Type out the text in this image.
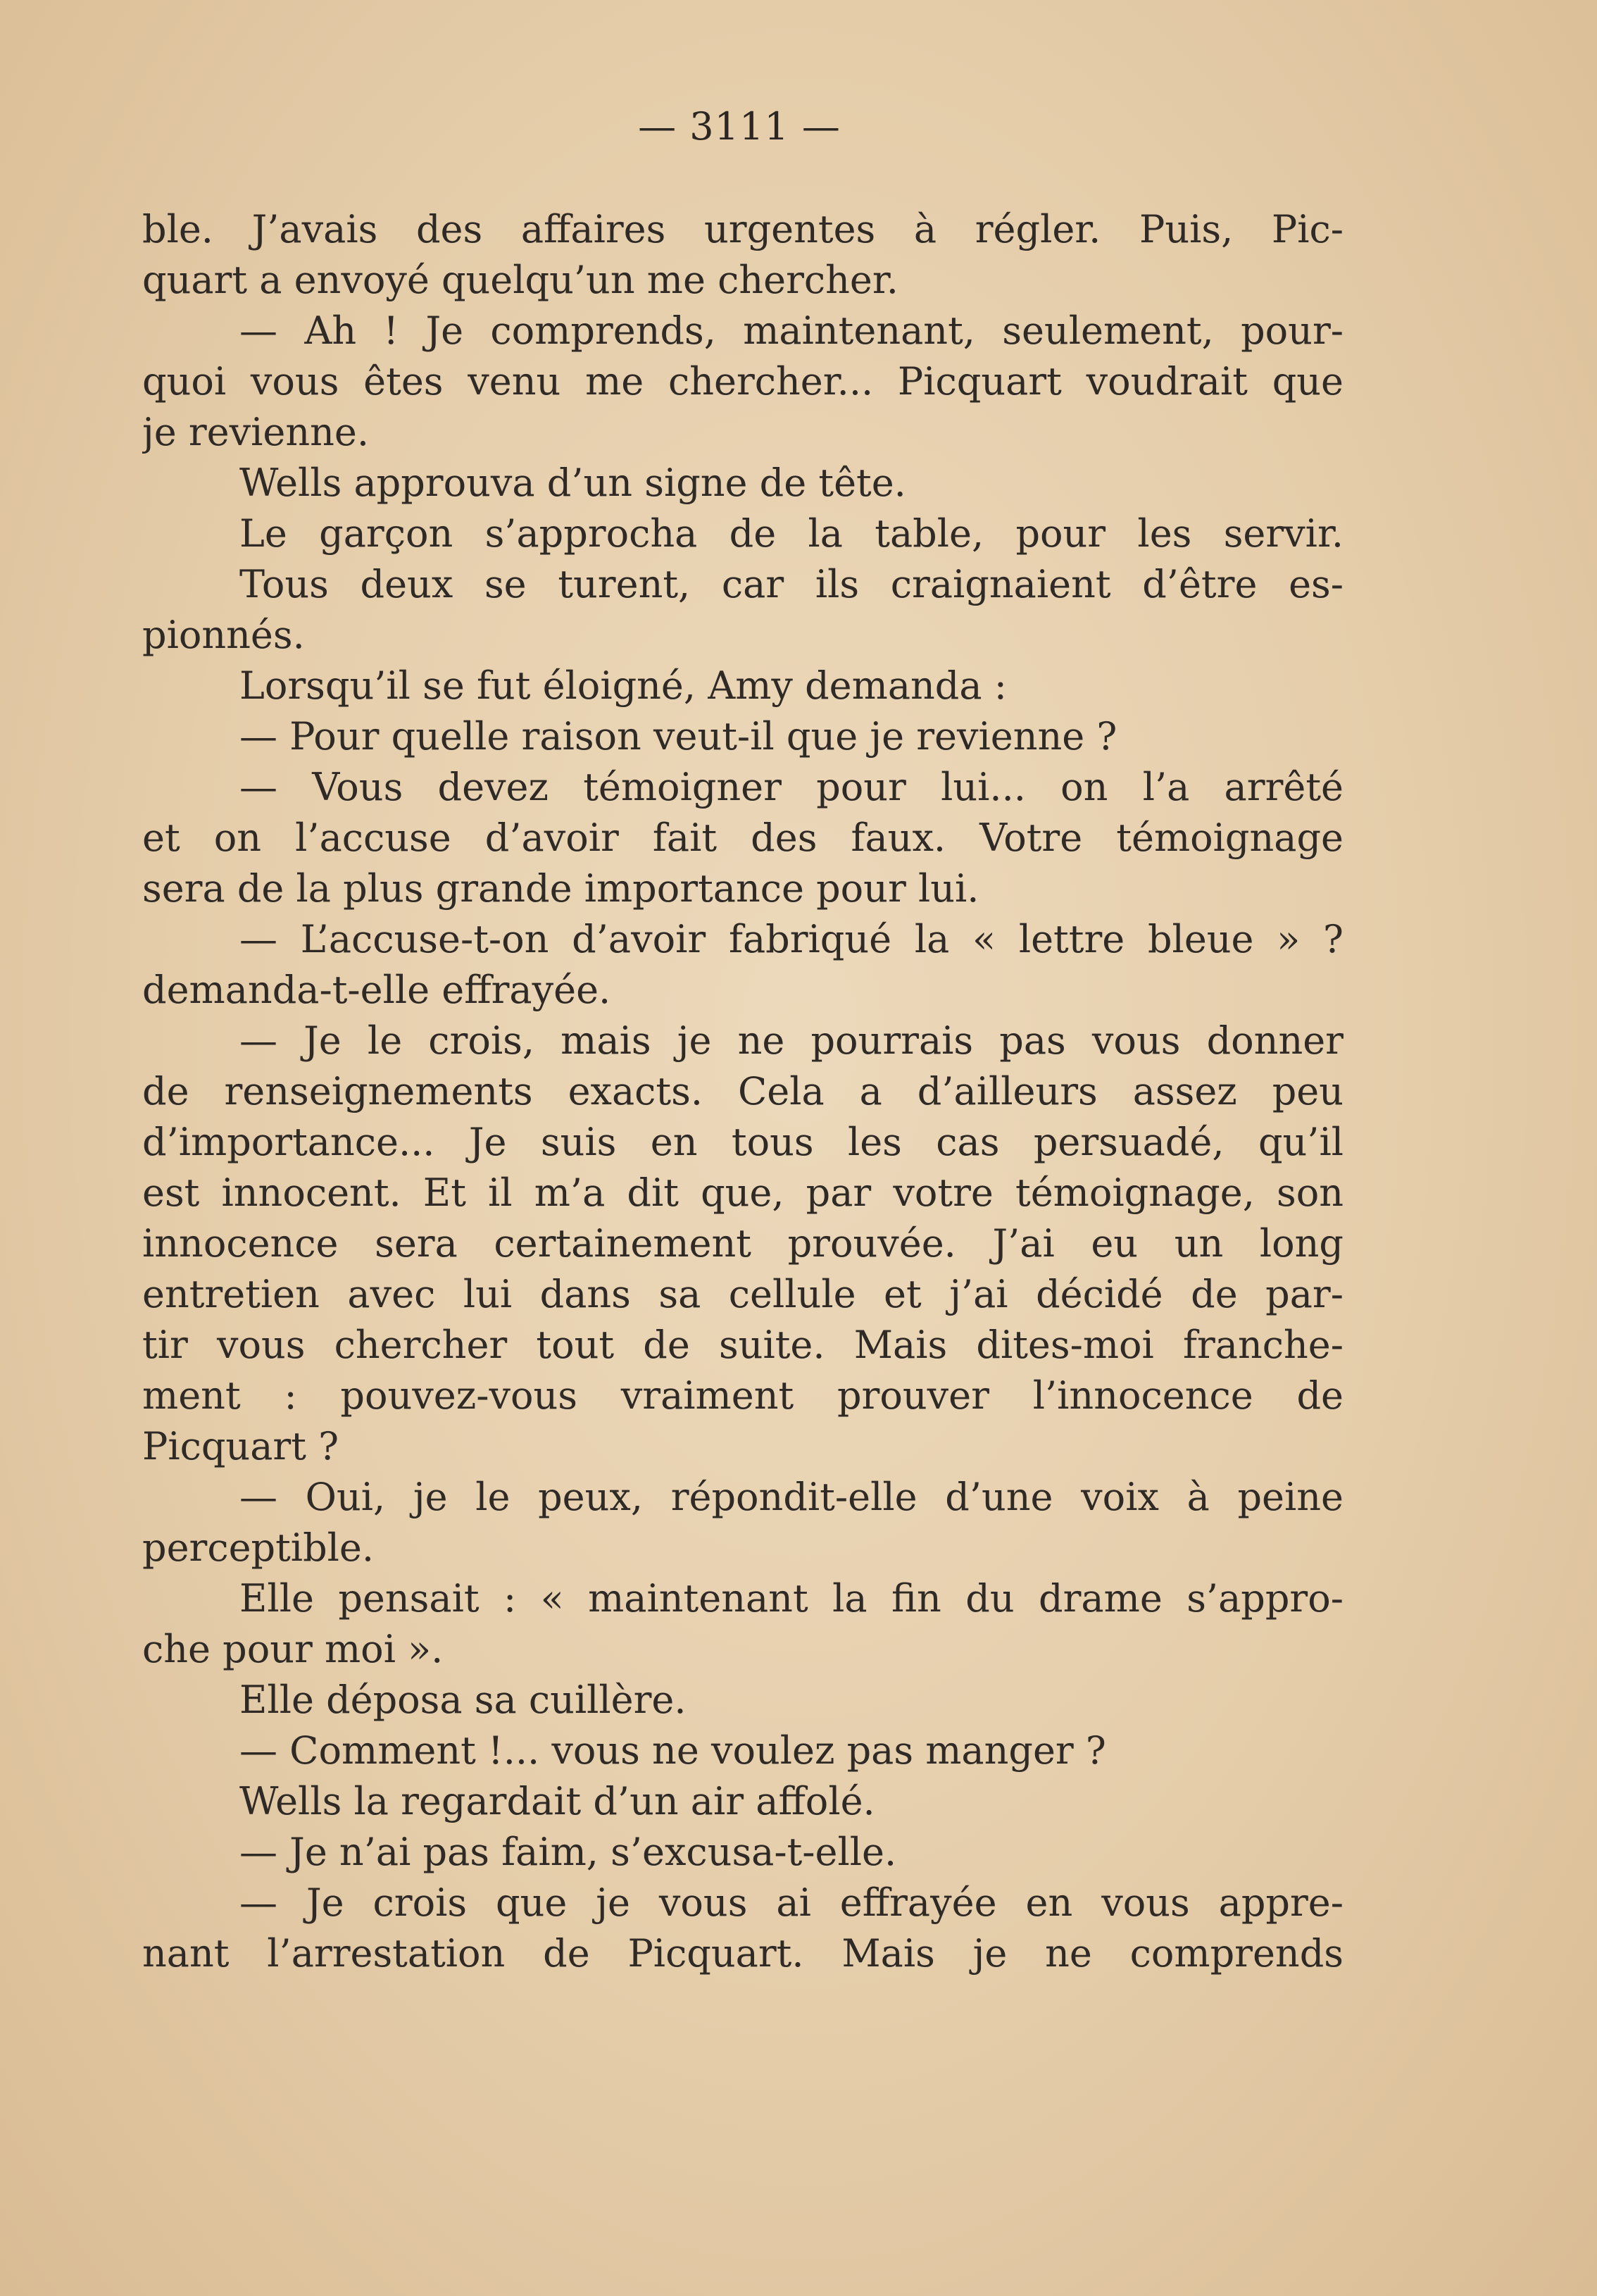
— 3111 —
ble. J’avais des affaires urgentes à régler. Puis, Pic-
quart a envoyé quelqu’un me chercher.
— Ah ! Je comprends, maintenant, seulement, pour-
quoi vous êtes venu me chercher... Picquart voudrait que
je revienne.
Wells approuva d’un signe de tête.
Le garçon s’approcha de la table, pour les servir.
Tous deux se turent, car ils craignaient d’être es-
pionnés.
Lorsqu’il se fut éloigné, Amy demanda :
— Pour quelle raison veut-il que je revienne ?
— Vous devez témoigner pour lui... on l’a arrêté
et on l’accuse d’avoir fait des faux. Votre témoignage
sera de la plus grande importance pour lui.
— L’accuse-t-on d’avoir fabriqué la « lettre bleue » ?
demanda-t-elle effrayée.
— Je le crois, mais je ne pourrais pas vous donner
de renseignements exacts. Cela a d’ailleurs assez peu
d’importance... Je suis en tous les cas persuadé, qu’il
est innocent. Et il m’a dit que, par votre témoignage, son
innocence sera certainement prouvée. J’ai eu un long
entretien avec lui dans sa cellule et j’ai décidé de par-
tir vous chercher tout de suite. Mais dites-moi franche-
ment : pouvez-vous vraiment prouver l’innocence de
Picquart ?
— Oui, je le peux, répondit-elle d’une voix à peine
perceptible.
Elle pensait : « maintenant la fin du drame s’appro-
che pour moi ».
Elle déposa sa cuillère.
— Comment !... vous ne voulez pas manger ?
Wells la regardait d’un air affolé.
— Je n’ai pas faim, s’excusa-t-elle.
— Je crois que je vous ai effrayée en vous appre-
nant l’arrestation de Picquart. Mais je ne comprends
